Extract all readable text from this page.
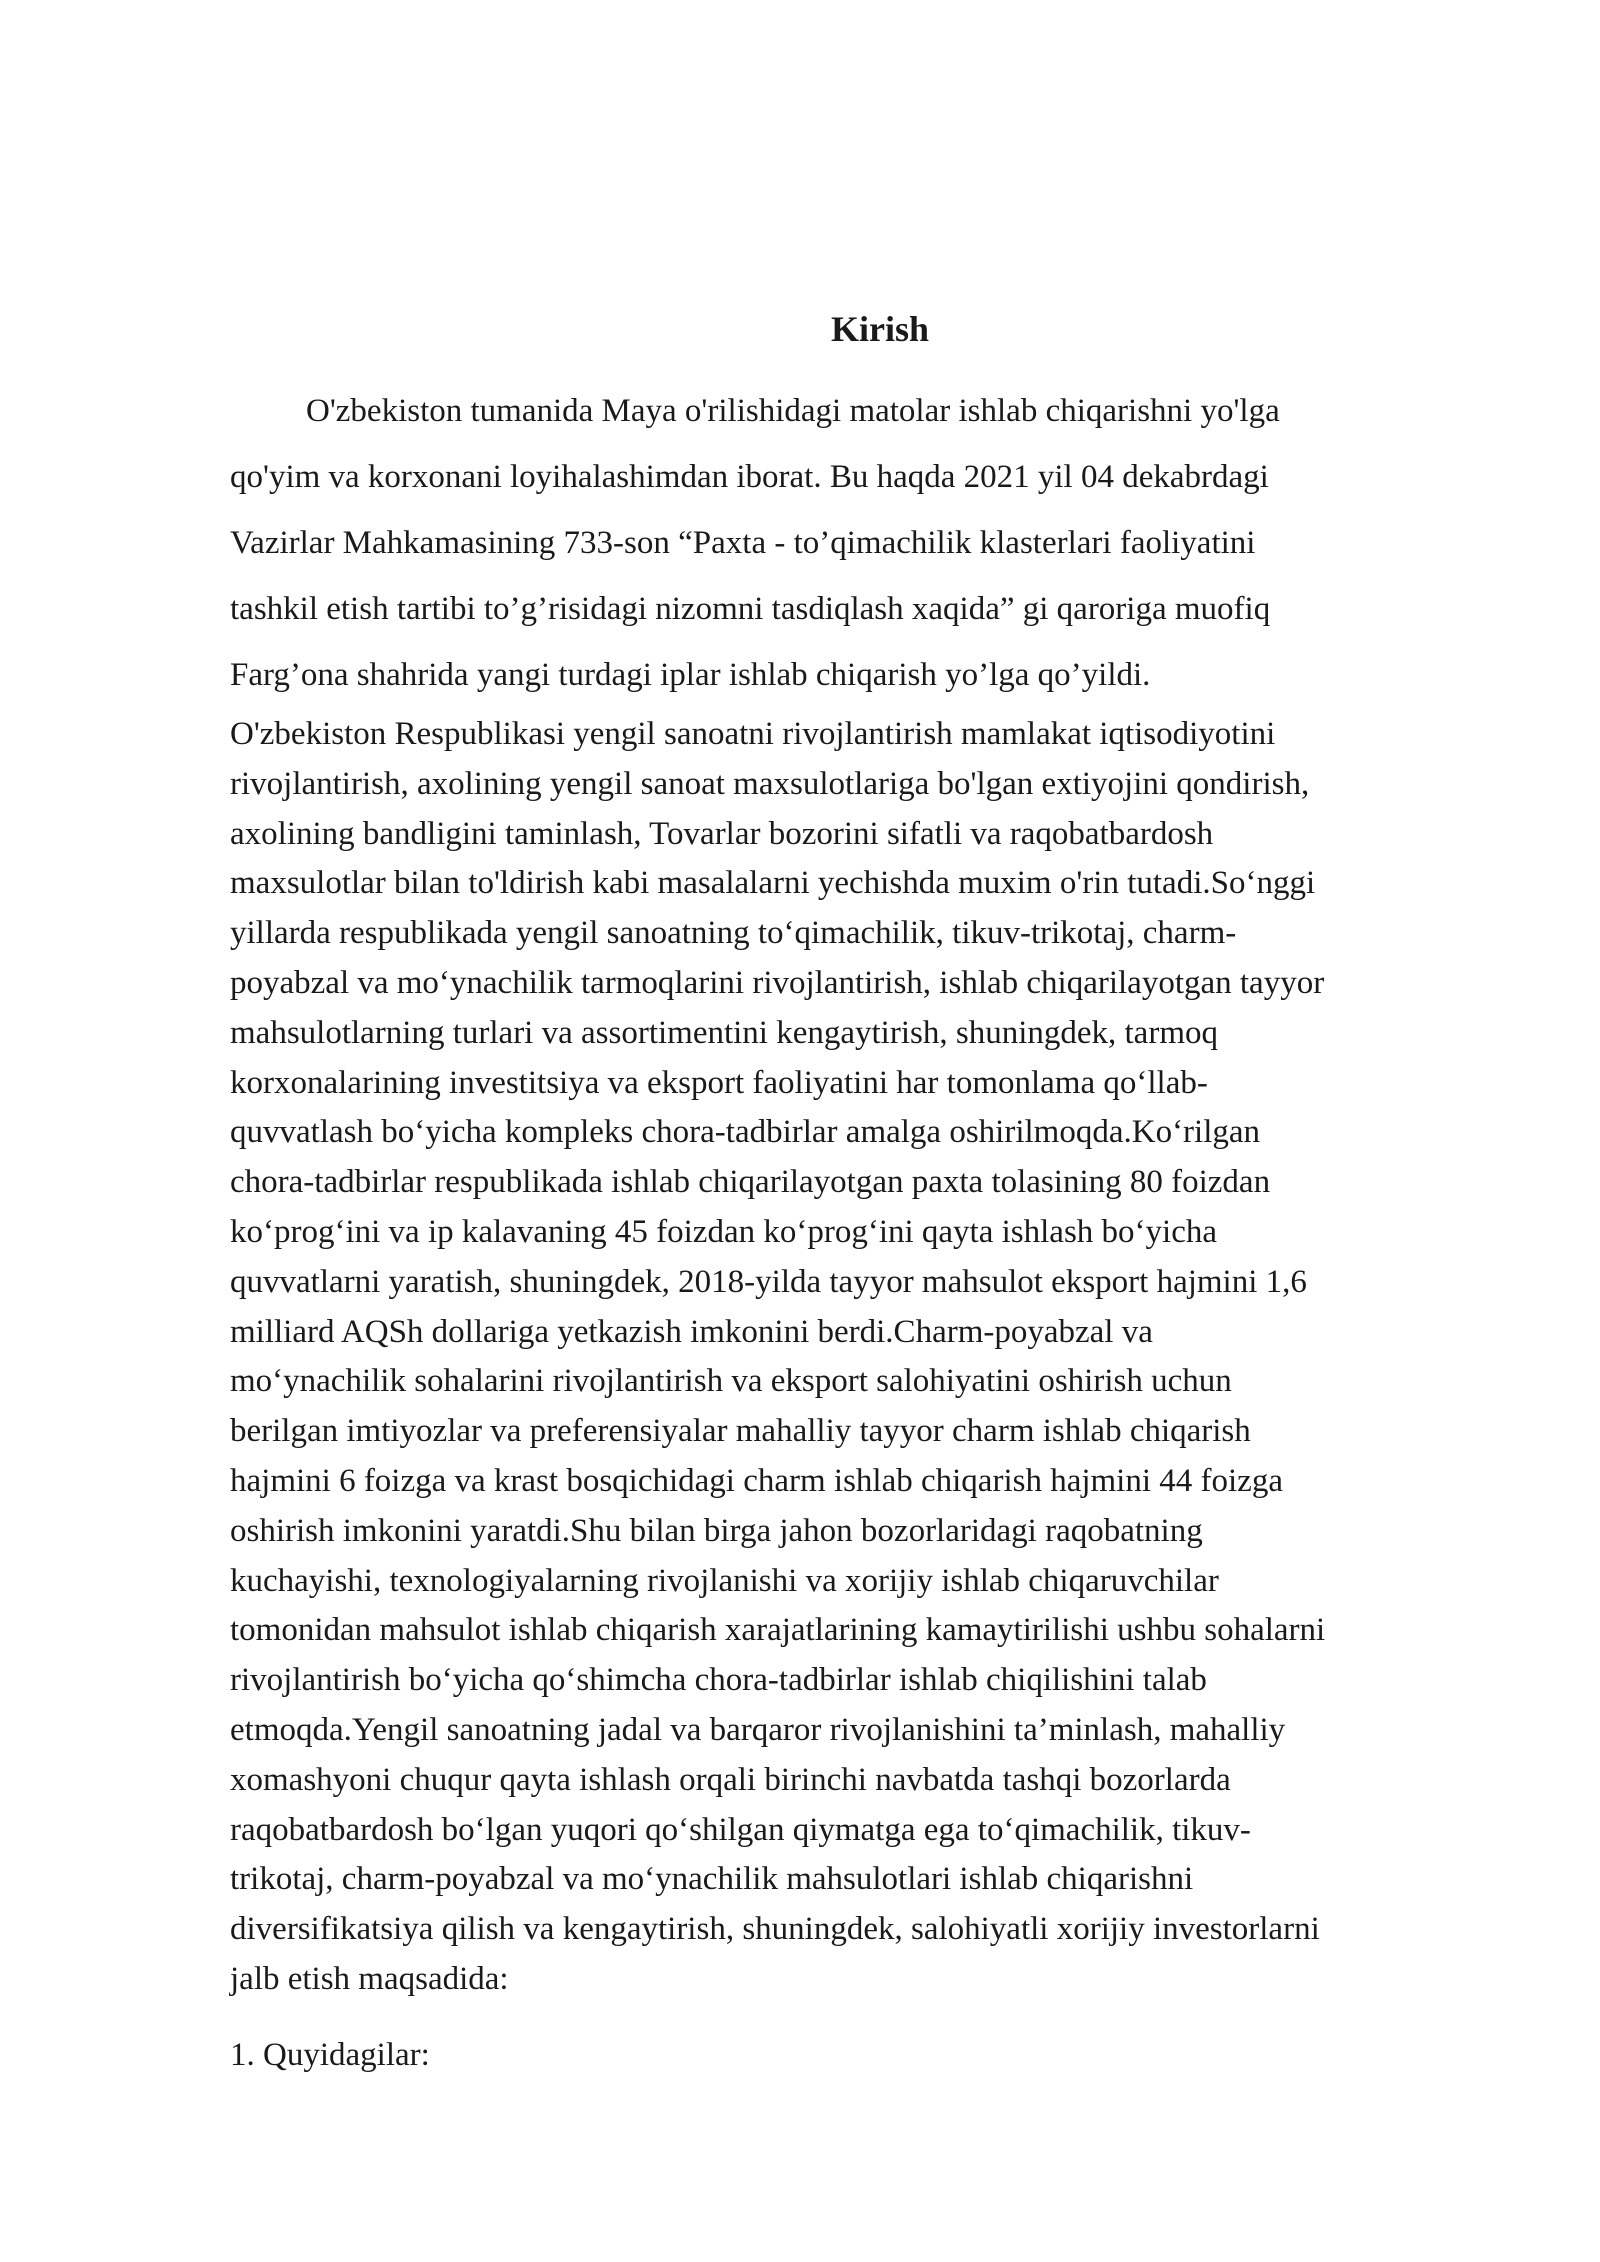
Kirish

O'zbekiston tumanida Maya o'rilishidagi matolar ishlab chiqarishni yo'lga
qo'yim va korxonani loyihalashimdan iborat. Bu haqda 2021 yil 04 dekabrdagi
Vazirlar Mahkamasining 733-son “Paxta - to’qimachilik klasterlari faoliyatini
tashkil etish tartibi to’g’risidagi nizomni tasdiqlash xaqida” gi qaroriga muofiq
Farg’ona shahrida yangi turdagi iplar ishlab chiqarish yo’lga qo’yildi.

O'zbekiston Respublikasi yengil sanoatni rivojlantirish mamlakat iqtisodiyotini
rivojlantirish, axolining yengil sanoat maxsulotlariga bo'lgan extiyojini qondirish,
axolining bandligini taminlash, Tovarlar bozorini sifatli va raqobatbardosh
maxsulotlar bilan to'ldirish kabi masalalarni yechishda muxim o'rin tutadi.So‘nggi
yillarda respublikada yengil sanoatning to‘qimachilik, tikuv-trikotaj, charm-
poyabzal va mo‘ynachilik tarmoqlarini rivojlantirish, ishlab chiqarilayotgan tayyor
mahsulotlarning turlari va assortimentini kengaytirish, shuningdek, tarmoq
korxonalarining investitsiya va eksport faoliyatini har tomonlama qo‘llab-
quvvatlash bo‘yicha kompleks chora-tadbirlar amalga oshirilmoqda.Ko‘rilgan
chora-tadbirlar respublikada ishlab chiqarilayotgan paxta tolasining 80 foizdan
ko‘prog‘ini va ip kalavaning 45 foizdan ko‘prog‘ini qayta ishlash bo‘yicha
quvvatlarni yaratish, shuningdek, 2018-yilda tayyor mahsulot eksport hajmini 1,6
milliard AQSh dollariga yetkazish imkonini berdi.Charm-poyabzal va
mo‘ynachilik sohalarini rivojlantirish va eksport salohiyatini oshirish uchun
berilgan imtiyozlar va preferensiyalar mahalliy tayyor charm ishlab chiqarish
hajmini 6 foizga va krast bosqichidagi charm ishlab chiqarish hajmini 44 foizga
oshirish imkonini yaratdi.Shu bilan birga jahon bozorlaridagi raqobatning
kuchayishi, texnologiyalarning rivojlanishi va xorijiy ishlab chiqaruvchilar
tomonidan mahsulot ishlab chiqarish xarajatlarining kamaytirilishi ushbu sohalarni
rivojlantirish bo‘yicha qo‘shimcha chora-tadbirlar ishlab chiqilishini talab
etmoqda.Yengil sanoatning jadal va barqaror rivojlanishini ta’minlash, mahalliy
xomashyoni chuqur qayta ishlash orqali birinchi navbatda tashqi bozorlarda
raqobatbardosh bo‘lgan yuqori qo‘shilgan qiymatga ega to‘qimachilik, tikuv-
trikotaj, charm-poyabzal va mo‘ynachilik mahsulotlari ishlab chiqarishni
diversifikatsiya qilish va kengaytirish, shuningdek, salohiyatli xorijiy investorlarni
jalb etish maqsadida:

1. Quyidagilar:
